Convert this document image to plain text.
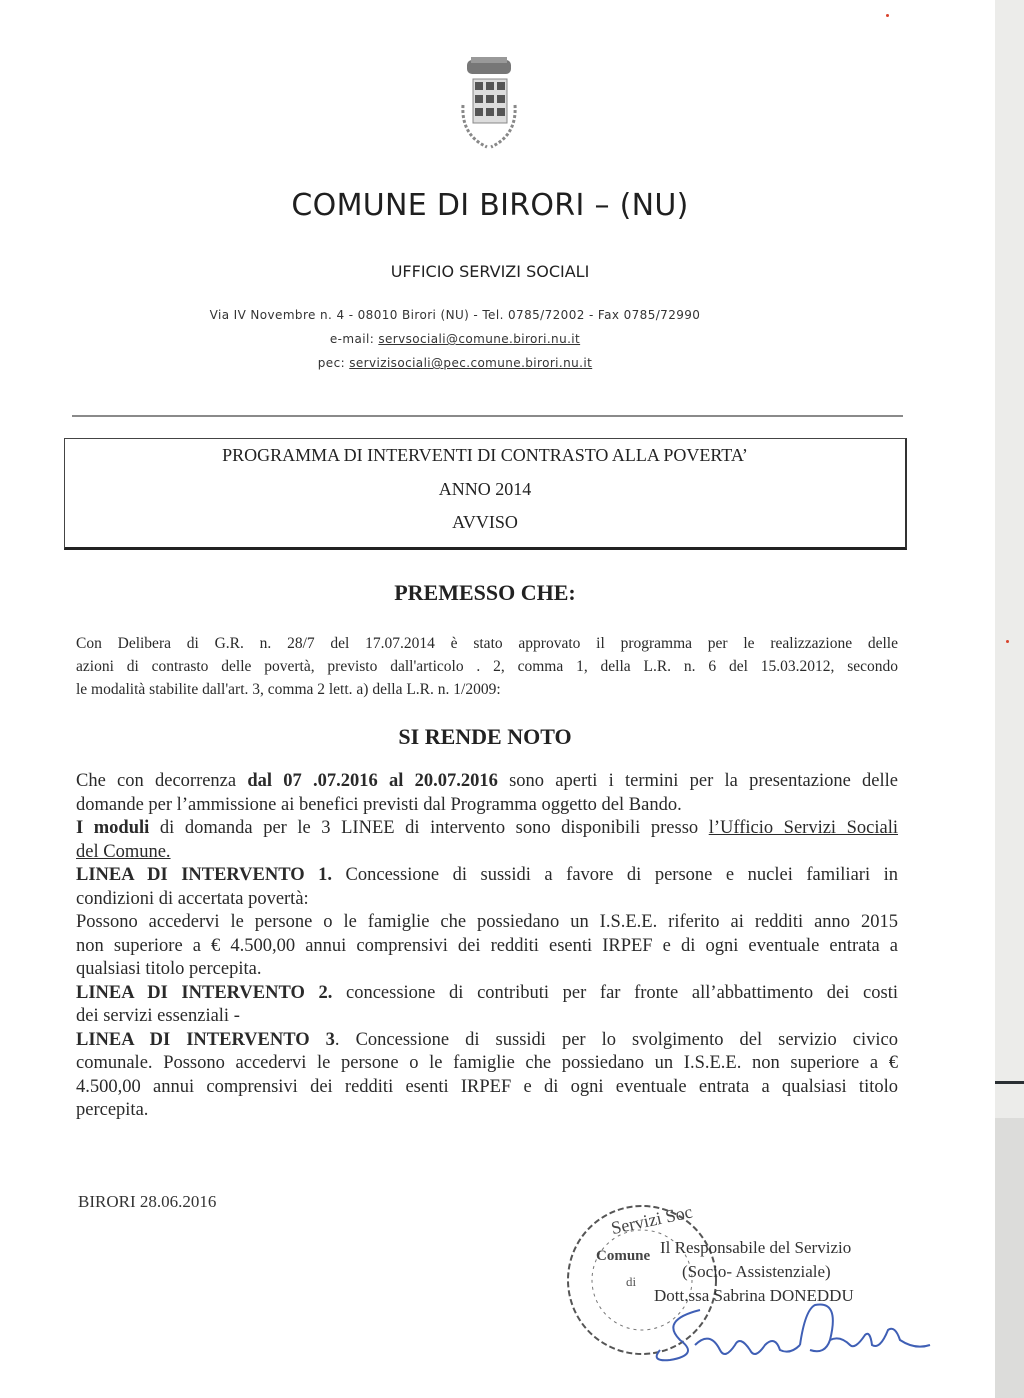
COMUNE DI BIRORI – (NU)
UFFICIO SERVIZI SOCIALI
Via IV Novembre n. 4 - 08010 Birori (NU) - Tel. 0785/72002 - Fax 0785/72990
e-mail: servsociali@comune.birori.nu.it
pec: servizisociali@pec.comune.birori.nu.it
PROGRAMMA DI INTERVENTI DI CONTRASTO ALLA POVERTA’
ANNO 2014
AVVISO
PREMESSO CHE:
Con Delibera di G.R. n. 28/7 del 17.07.2014 è stato approvato il programma per le realizzazione delle
azioni di contrasto delle povertà, previsto dall'articolo . 2, comma 1, della L.R. n. 6 del 15.03.2012, secondo
le modalità stabilite dall'art. 3, comma 2 lett. a) della L.R. n. 1/2009:
SI RENDE NOTO
Che con decorrenza dal 07 .07.2016 al 20.07.2016 sono aperti i termini per la presentazione delle
domande per l’ammissione ai benefici previsti dal Programma oggetto del Bando.
I moduli di domanda per le 3 LINEE di intervento sono disponibili presso l’Ufficio Servizi Sociali
del Comune.
LINEA DI INTERVENTO 1. Concessione di sussidi a favore di persone e nuclei familiari in
condizioni di accertata povertà:
Possono accedervi le persone o le famiglie che possiedano un I.S.E.E. riferito ai redditi anno 2015
non superiore a € 4.500,00 annui comprensivi dei redditi esenti IRPEF e di ogni eventuale entrata a
qualsiasi titolo percepita.
LINEA DI INTERVENTO 2. concessione di contributi per far fronte all’abbattimento dei costi
dei servizi essenziali -
LINEA DI INTERVENTO 3. Concessione di sussidi per lo svolgimento del servizio civico
comunale. Possono accedervi le persone o le famiglie che possiedano un I.S.E.E. non superiore a €
4.500,00 annui comprensivi dei redditi esenti IRPEF e di ogni eventuale entrata a qualsiasi titolo
percepita.
BIRORI 28.06.2016	Servizi Soc
Comune
di
Il Responsabile del Servizio
(Socio- Assistenziale)
Dott.ssa Sabrina DONEDDU
